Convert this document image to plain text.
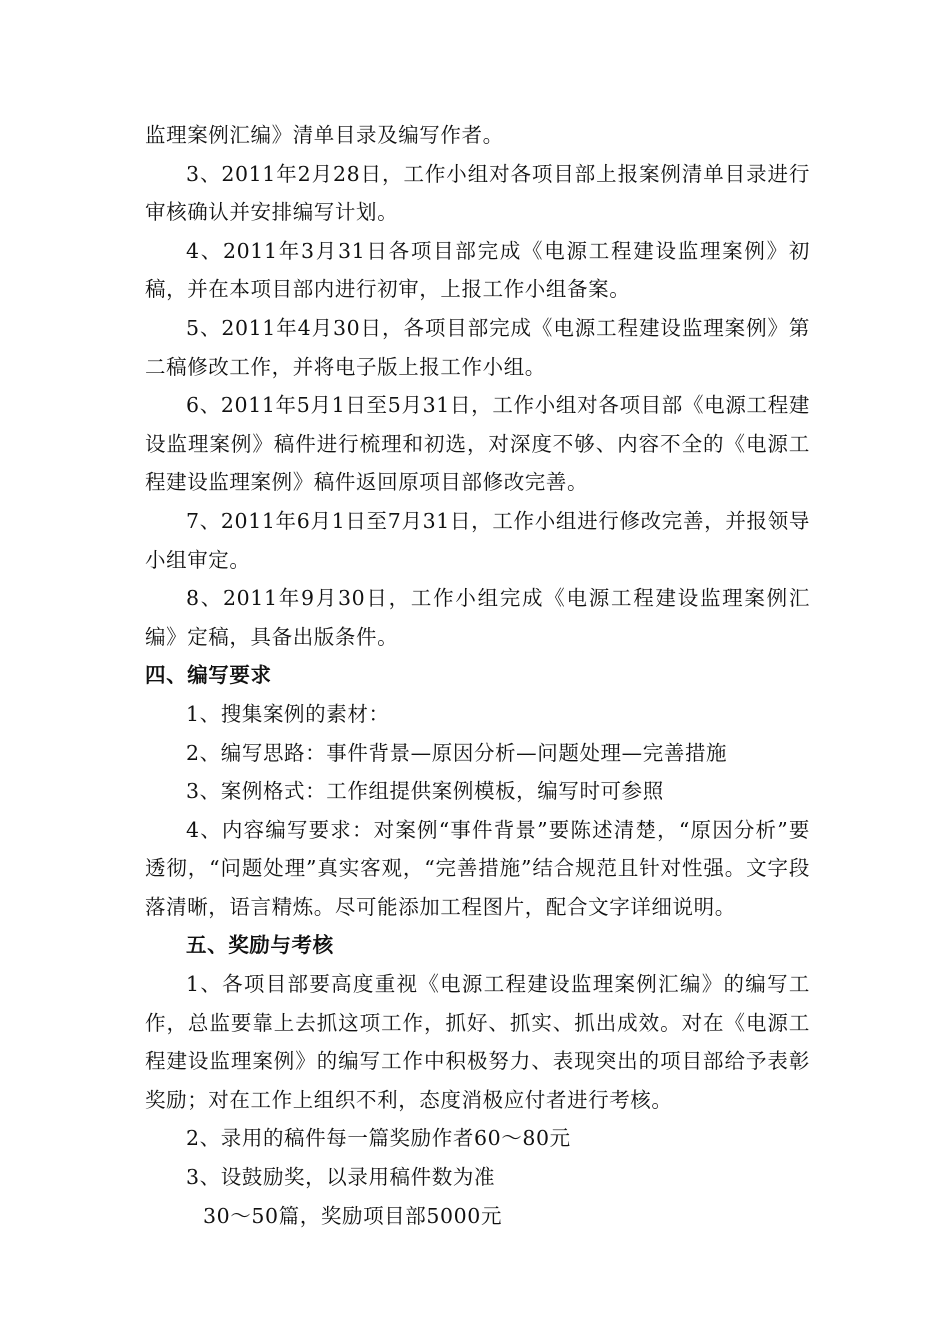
监理案例汇编》清单目录及编写作者。

3、2011年2月28日，工作小组对各项目部上报案例清单目录进行审核确认并安排编写计划。

4、2011年3月31日各项目部完成《电源工程建设监理案例》初稿，并在本项目部内进行初审，上报工作小组备案。

5、2011年4月30日，各项目部完成《电源工程建设监理案例》第二稿修改工作，并将电子版上报工作小组。

6、2011年5月1日至5月31日，工作小组对各项目部《电源工程建设监理案例》稿件进行梳理和初选，对深度不够、内容不全的《电源工程建设监理案例》稿件返回原项目部修改完善。

7、2011年6月1日至7月31日，工作小组进行修改完善，并报领导小组审定。

8、2011年9月30日，工作小组完成《电源工程建设监理案例汇编》定稿，具备出版条件。

四、编写要求

1、搜集案例的素材：

2、编写思路：事件背景—原因分析—问题处理—完善措施

3、案例格式：工作组提供案例模板，编写时可参照

4、内容编写要求：对案例“事件背景”要陈述清楚，“原因分析”要透彻，“问题处理”真实客观，“完善措施”结合规范且针对性强。文字段落清晰，语言精炼。尽可能添加工程图片，配合文字详细说明。

五、奖励与考核

1、各项目部要高度重视《电源工程建设监理案例汇编》的编写工作，总监要靠上去抓这项工作，抓好、抓实、抓出成效。对在《电源工程建设监理案例》的编写工作中积极努力、表现突出的项目部给予表彰奖励；对在工作上组织不利，态度消极应付者进行考核。

2、录用的稿件每一篇奖励作者60～80元

3、设鼓励奖，以录用稿件数为准

30～50篇，奖励项目部5000元
